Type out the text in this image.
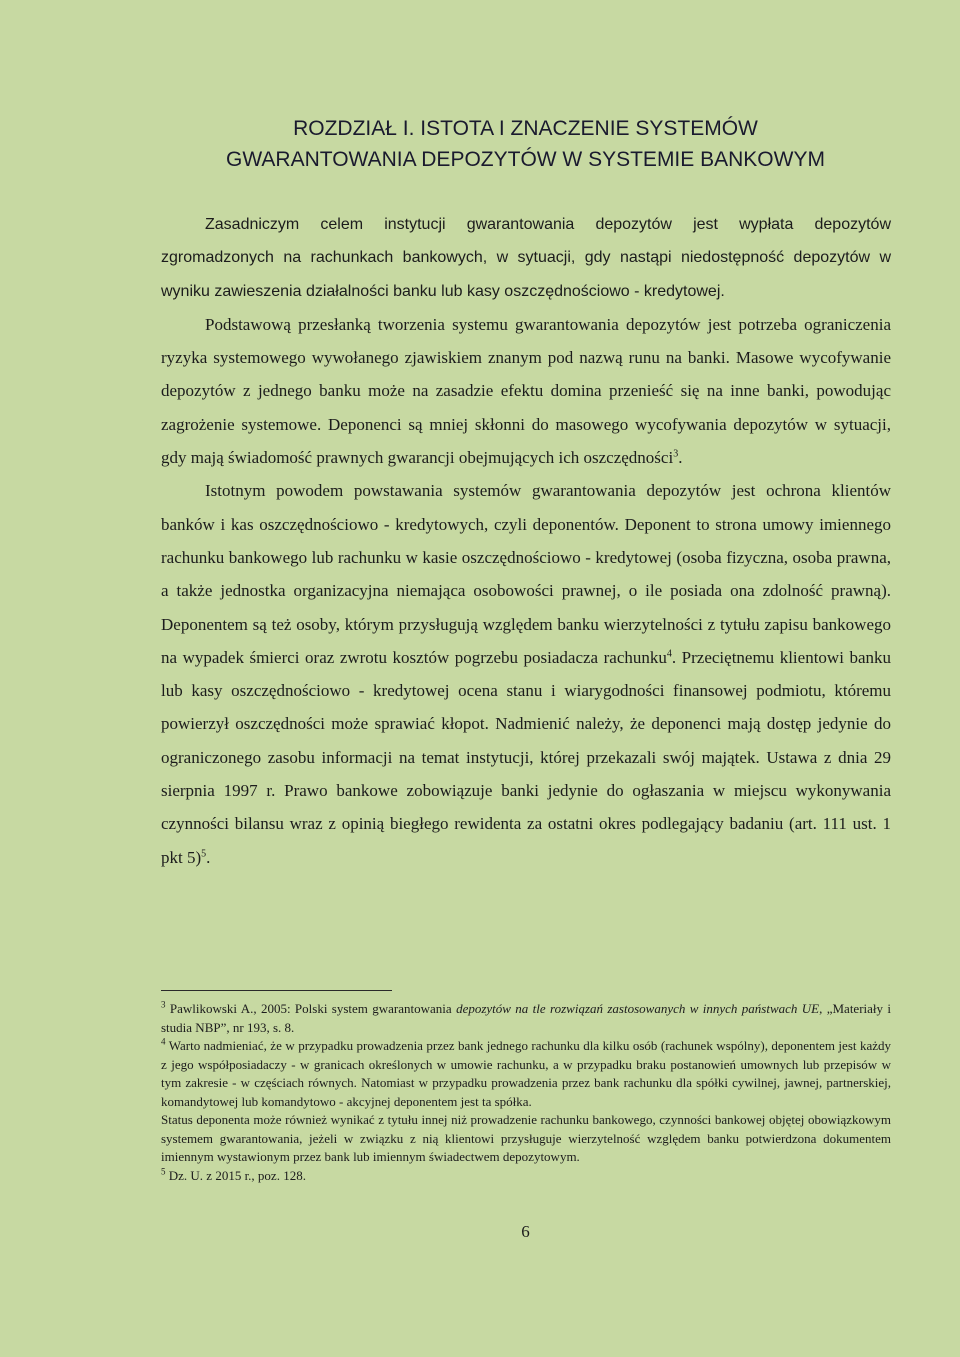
ROZDZIAŁ I. ISTOTA I ZNACZENIE SYSTEMÓW
GWARANTOWANIA DEPOZYTÓW W SYSTEMIE BANKOWYM

Zasadniczym celem instytucji gwarantowania depozytów jest wypłata depozytów zgromadzonych na rachunkach bankowych, w sytuacji, gdy nastąpi niedostępność depozytów w wyniku zawieszenia działalności banku lub kasy oszczędnościowo - kredytowej.

Podstawową przesłanką tworzenia systemu gwarantowania depozytów jest potrzeba ograniczenia ryzyka systemowego wywołanego zjawiskiem znanym pod nazwą runu na banki. Masowe wycofywanie depozytów z jednego banku może na zasadzie efektu domina przenieść się na inne banki, powodując zagrożenie systemowe. Deponenci są mniej skłonni do masowego wycofywania depozytów w sytuacji, gdy mają świadomość prawnych gwarancji obejmujących ich oszczędności$^3$.

Istotnym powodem powstawania systemów gwarantowania depozytów jest ochrona klientów banków i kas oszczędnościowo - kredytowych, czyli deponentów. Deponent to strona umowy imiennego rachunku bankowego lub rachunku w kasie oszczędnościowo - kredytowej (osoba fizyczna, osoba prawna, a także jednostka organizacyjna niemająca osobowości prawnej, o ile posiada ona zdolność prawną). Deponentem są też osoby, którym przysługują względem banku wierzytelności z tytułu zapisu bankowego na wypadek śmierci oraz zwrotu kosztów pogrzebu posiadacza rachunku$^4$. Przeciętnemu klientowi banku lub kasy oszczędnościowo - kredytowej ocena stanu i wiarygodności finansowej podmiotu, któremu powierzył oszczędności może sprawiać kłopot. Nadmienić należy, że deponenci mają dostęp jedynie do ograniczonego zasobu informacji na temat instytucji, której przekazali swój majątek. Ustawa z dnia 29 sierpnia 1997 r. Prawo bankowe zobowiązuje banki jedynie do ogłaszania w miejscu wykonywania czynności bilansu wraz z opinią biegłego rewidenta za ostatni okres podlegający badaniu (art. 111 ust. 1 pkt 5)$^5$.

$^3$ Pawlikowski A., 2005: Polski system gwarantowania depozytów na tle rozwiązań zastosowanych w innych państwach UE, „Materiały i studia NBP”, nr 193, s. 8.

$^4$ Warto nadmieniać, że w przypadku prowadzenia przez bank jednego rachunku dla kilku osób (rachunek wspólny), deponentem jest każdy z jego współposiadaczy - w granicach określonych w umowie rachunku, a w przypadku braku postanowień umownych lub przepisów w tym zakresie - w częściach równych. Natomiast w przypadku prowadzenia przez bank rachunku dla spółki cywilnej, jawnej, partnerskiej, komandytowej lub komandytowo - akcyjnej deponentem jest ta spółka.

Status deponenta może również wynikać z tytułu innej niż prowadzenie rachunku bankowego, czynności bankowej objętej obowiązkowym systemem gwarantowania, jeżeli w związku z nią klientowi przysługuje wierzytelność względem banku potwierdzona dokumentem imiennym wystawionym przez bank lub imiennym świadectwem depozytowym.

$^5$ Dz. U. z 2015 r., poz. 128.

6
